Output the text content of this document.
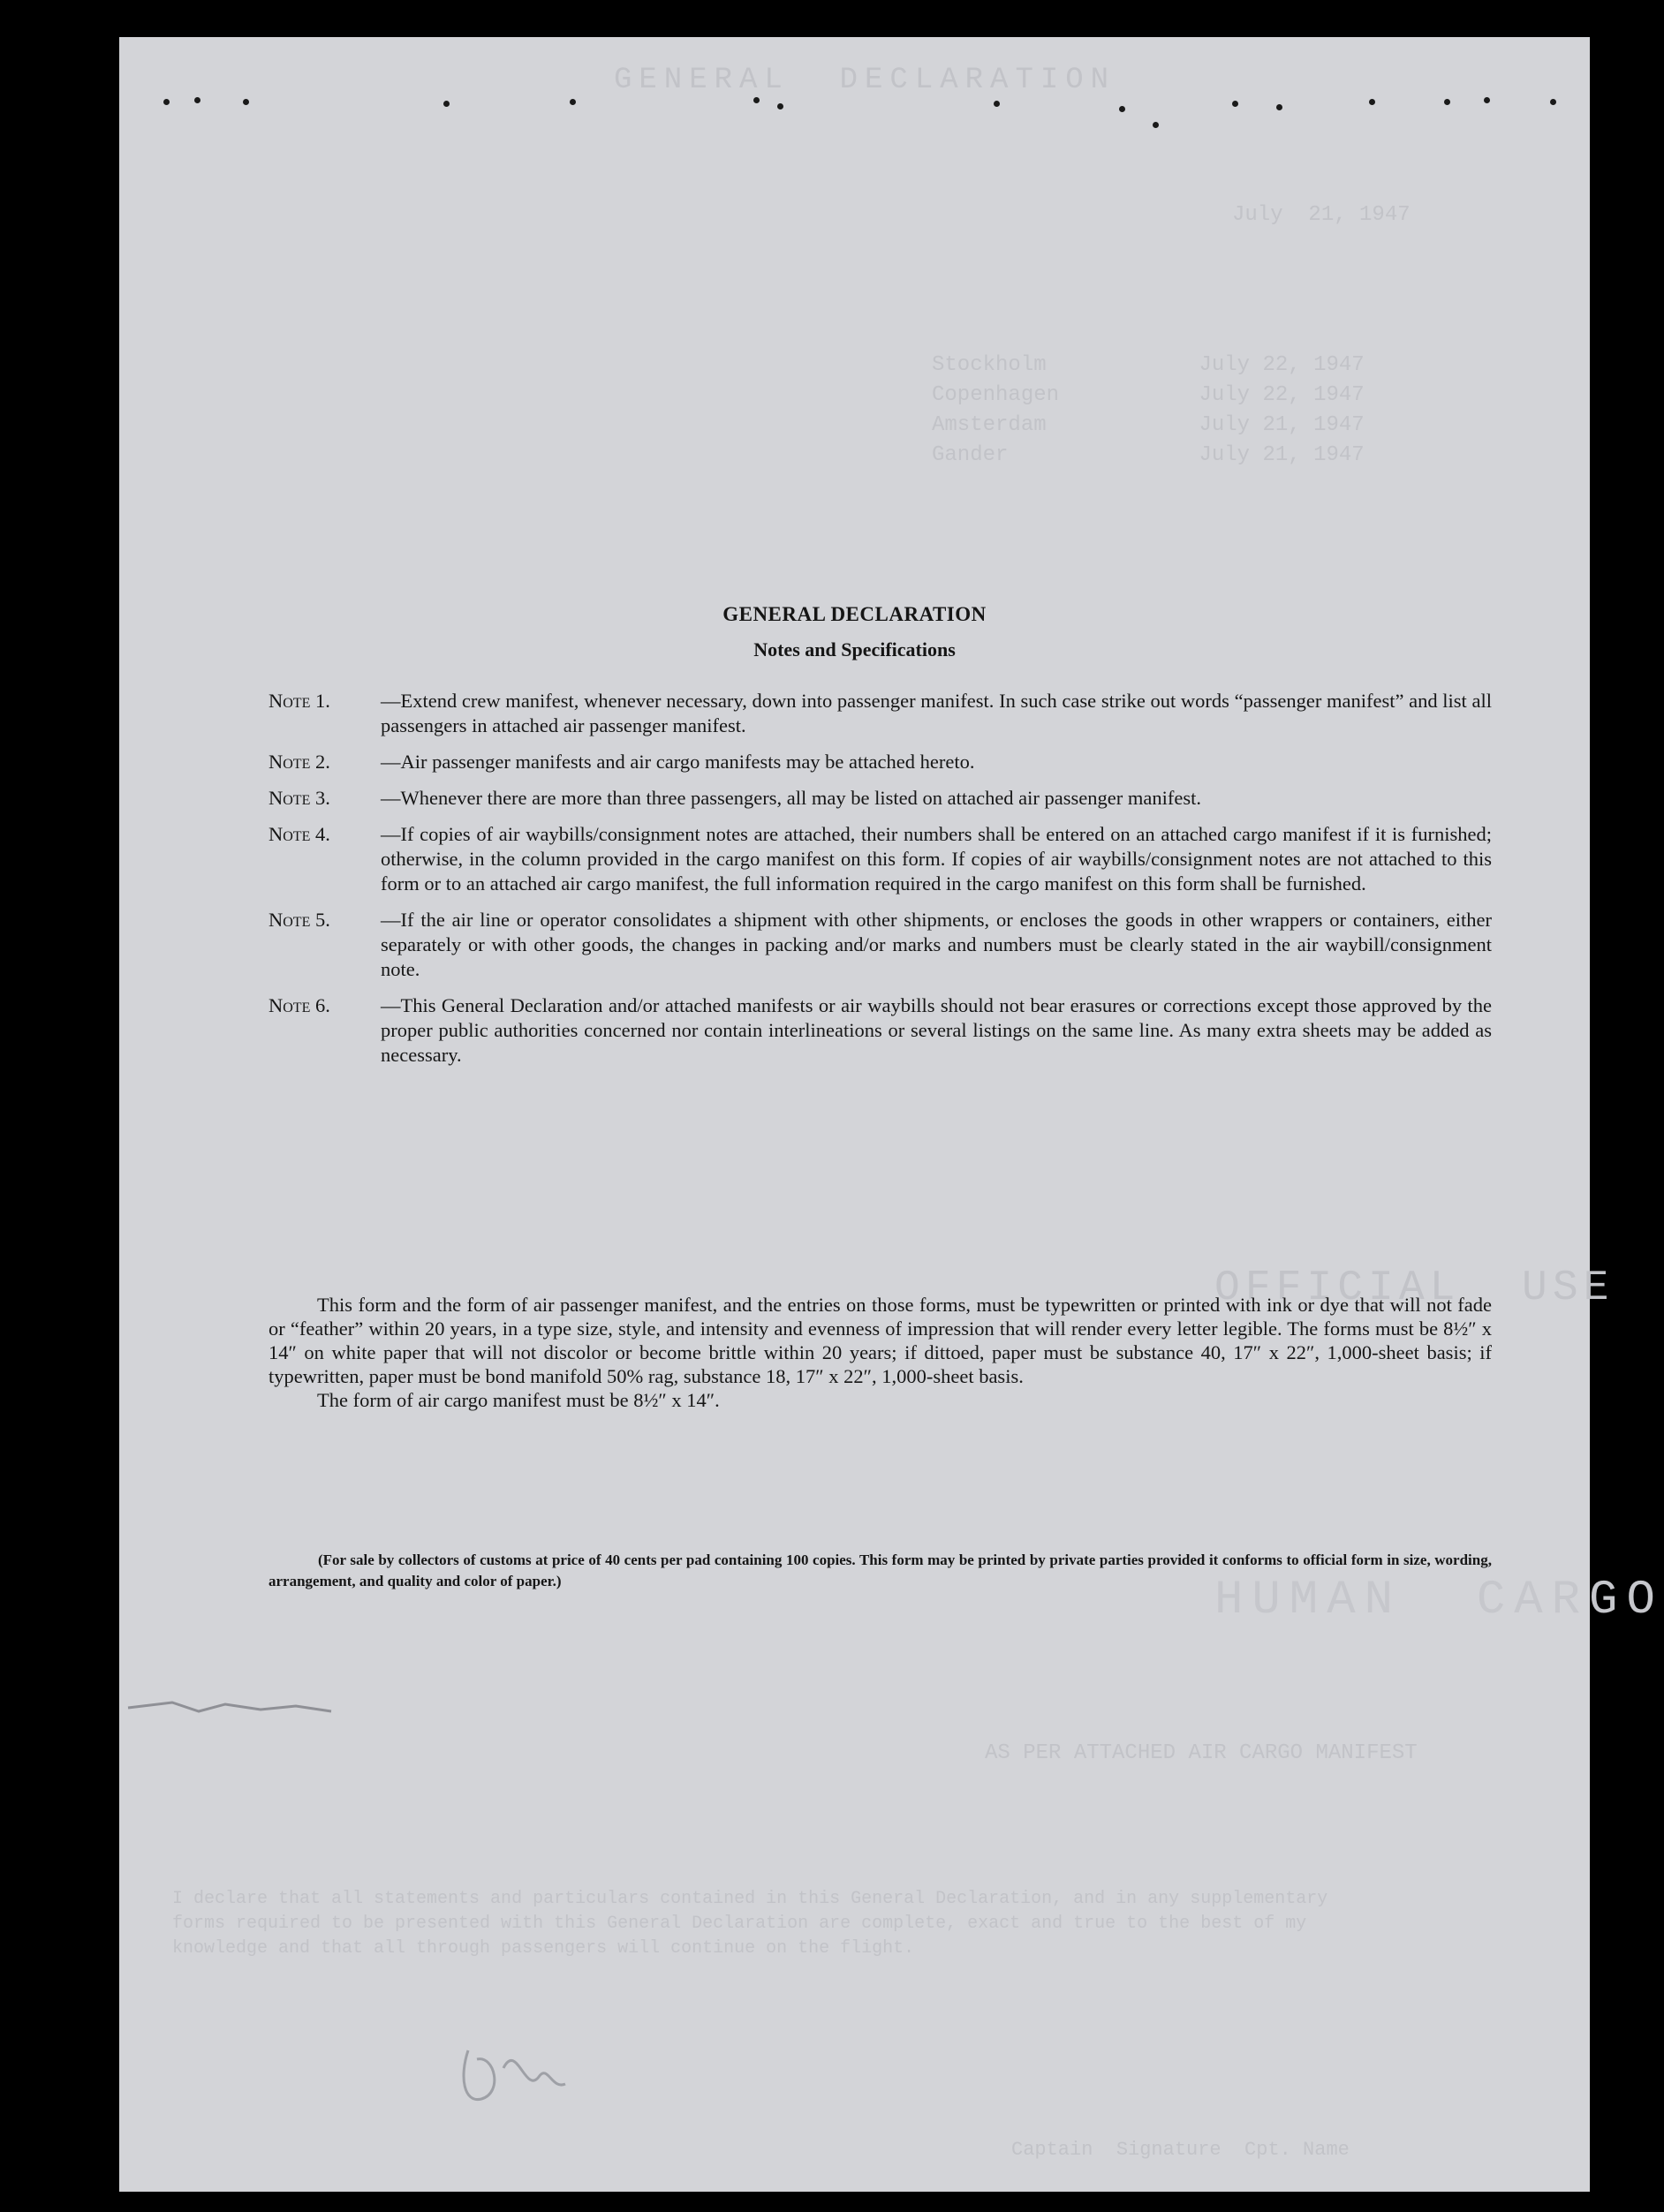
GENERAL  DECLARATION
July  21, 1947
Stockholm            July 22, 1947
Copenhagen           July 22, 1947
Amsterdam            July 21, 1947
Gander               July 21, 1947
OFFICIAL  USE
HUMAN  CARGO
AS PER ATTACHED AIR CARGO MANIFEST
I declare that all statements and particulars contained in this General Declaration, and in any supplementary
forms required to be presented with this General Declaration are complete, exact and true to the best of my
knowledge and that all through passengers will continue on the flight.
Captain  Signature  Cpt. Name
GENERAL DECLARATION
Notes and Specifications
Note 1.	—Extend crew manifest, whenever necessary, down into passenger manifest. In such case strike out words “passenger manifest” and list all passengers in attached air passenger manifest.
Note 2.	—Air passenger manifests and air cargo manifests may be attached hereto.
Note 3.	—Whenever there are more than three passengers, all may be listed on attached air passenger manifest.
Note 4.	—If copies of air waybills/consignment notes are attached, their numbers shall be entered on an attached cargo manifest if it is furnished; otherwise, in the column provided in the cargo manifest on this form. If copies of air waybills/consignment notes are not attached to this form or to an attached air cargo manifest, the full information required in the cargo manifest on this form shall be furnished.
Note 5.	—If the air line or operator consolidates a shipment with other shipments, or encloses the goods in other wrappers or containers, either separately or with other goods, the changes in packing and/or marks and numbers must be clearly stated in the air waybill/consignment note.
Note 6.	—This General Declaration and/or attached manifests or air waybills should not bear erasures or corrections except those approved by the proper public authorities concerned nor contain interlineations or several listings on the same line. As many extra sheets may be added as necessary.

This form and the form of air passenger manifest, and the entries on those forms, must be typewritten or printed with ink or dye that will not fade or “feather” within 20 years, in a type size, style, and intensity and evenness of impression that will render every letter legible. The forms must be 8½″ x 14″ on white paper that will not discolor or become brittle within 20 years; if dittoed, paper must be substance 40, 17″ x 22″, 1,000-sheet basis; if typewritten, paper must be bond manifold 50% rag, substance 18, 17″ x 22″, 1,000-sheet basis.

The form of air cargo manifest must be 8½″ x 14″.

(For sale by collectors of customs at price of 40 cents per pad containing 100 copies. This form may be printed by private parties provided it conforms to official form in size, wording, arrangement, and quality and color of paper.)
